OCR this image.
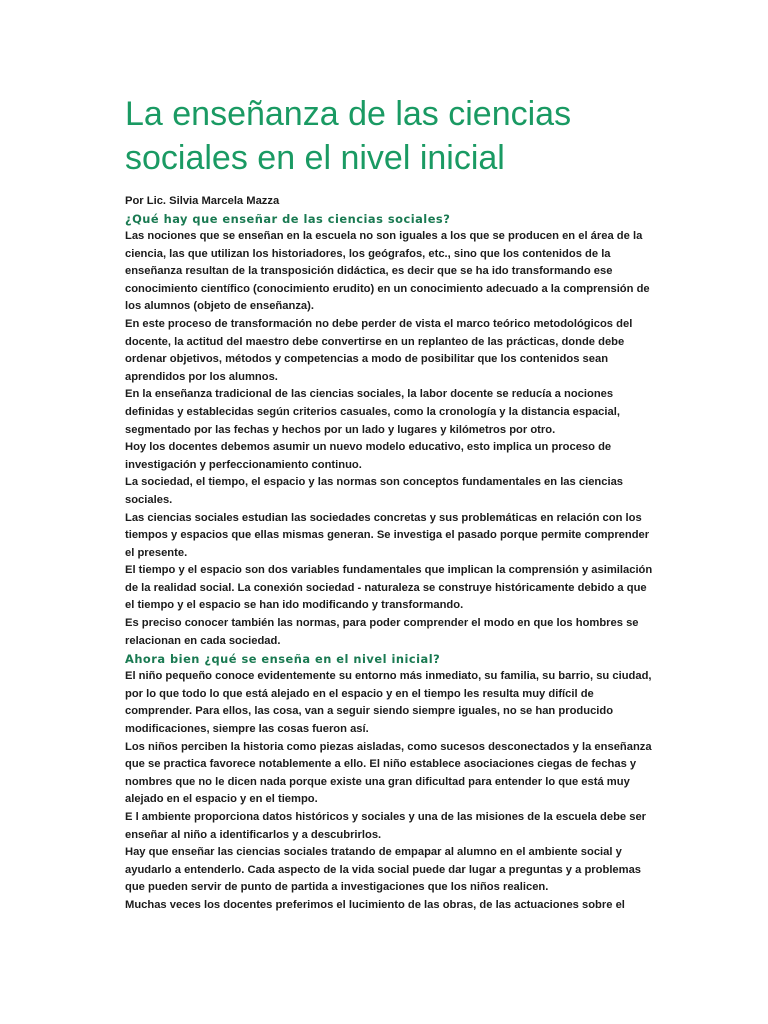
La enseñanza de las ciencias
sociales en el nivel inicial
Por Lic. Silvia Marcela Mazza
¿Qué hay que enseñar de las ciencias sociales?
Las nociones que se enseñan en la escuela no son iguales a los que se producen en el área de la
ciencia, las que utilizan los historiadores, los geógrafos, etc., sino que los contenidos de la
enseñanza resultan de la transposición didáctica, es decir que se ha ido transformando ese
conocimiento científico (conocimiento erudito) en un conocimiento adecuado a la comprensión de
los alumnos (objeto de enseñanza).
En este proceso de transformación no debe perder de vista el marco teórico metodológicos del
docente, la actitud del maestro debe convertirse en un replanteo de las prácticas, donde debe
ordenar objetivos, métodos y competencias a modo de posibilitar que los contenidos sean
aprendidos por los alumnos.
En la enseñanza tradicional de las ciencias sociales, la labor docente se reducía a nociones
definidas y establecidas según criterios casuales, como la cronología y la distancia espacial,
segmentado por las fechas y hechos por un lado y lugares y kilómetros por otro.
Hoy los docentes debemos asumir un nuevo modelo educativo, esto implica un proceso de
investigación y perfeccionamiento continuo.
La sociedad, el tiempo, el espacio y las normas son conceptos fundamentales en las ciencias
sociales.
Las ciencias sociales estudian las sociedades concretas y sus problemáticas en relación con los
tiempos y espacios que ellas mismas generan. Se investiga el pasado porque permite comprender
el presente.
El tiempo y el espacio son dos variables fundamentales que implican la comprensión y asimilación
de la realidad social. La conexión sociedad - naturaleza se construye históricamente debido a que
el tiempo y el espacio se han ido modificando y transformando.
Es preciso conocer también las normas, para poder comprender el modo en que los hombres se
relacionan en cada sociedad.
Ahora bien ¿qué se enseña en el nivel inicial?
El niño pequeño conoce evidentemente su entorno más inmediato, su familia, su barrio, su ciudad,
por lo que todo lo que está alejado en el espacio y en el tiempo les resulta muy difícil de
comprender. Para ellos, las cosa, van a seguir siendo siempre iguales, no se han producido
modificaciones, siempre las cosas fueron así.
Los niños perciben la historia como piezas aisladas, como sucesos desconectados y la enseñanza
que se practica favorece notablemente a ello. El niño establece asociaciones ciegas de fechas y
nombres que no le dicen nada porque existe una gran dificultad para entender lo que está muy
alejado en el espacio y en el tiempo.
E l ambiente proporciona datos históricos y sociales y una de las misiones de la escuela debe ser
enseñar al niño a identificarlos y a descubrirlos.
Hay que enseñar las ciencias sociales tratando de empapar al alumno en el ambiente social y
ayudarlo a entenderlo. Cada aspecto de la vida social puede dar lugar a preguntas y a problemas
que pueden servir de punto de partida a investigaciones que los niños realicen.
Muchas veces los docentes preferimos el lucimiento de las obras, de las actuaciones sobre el
